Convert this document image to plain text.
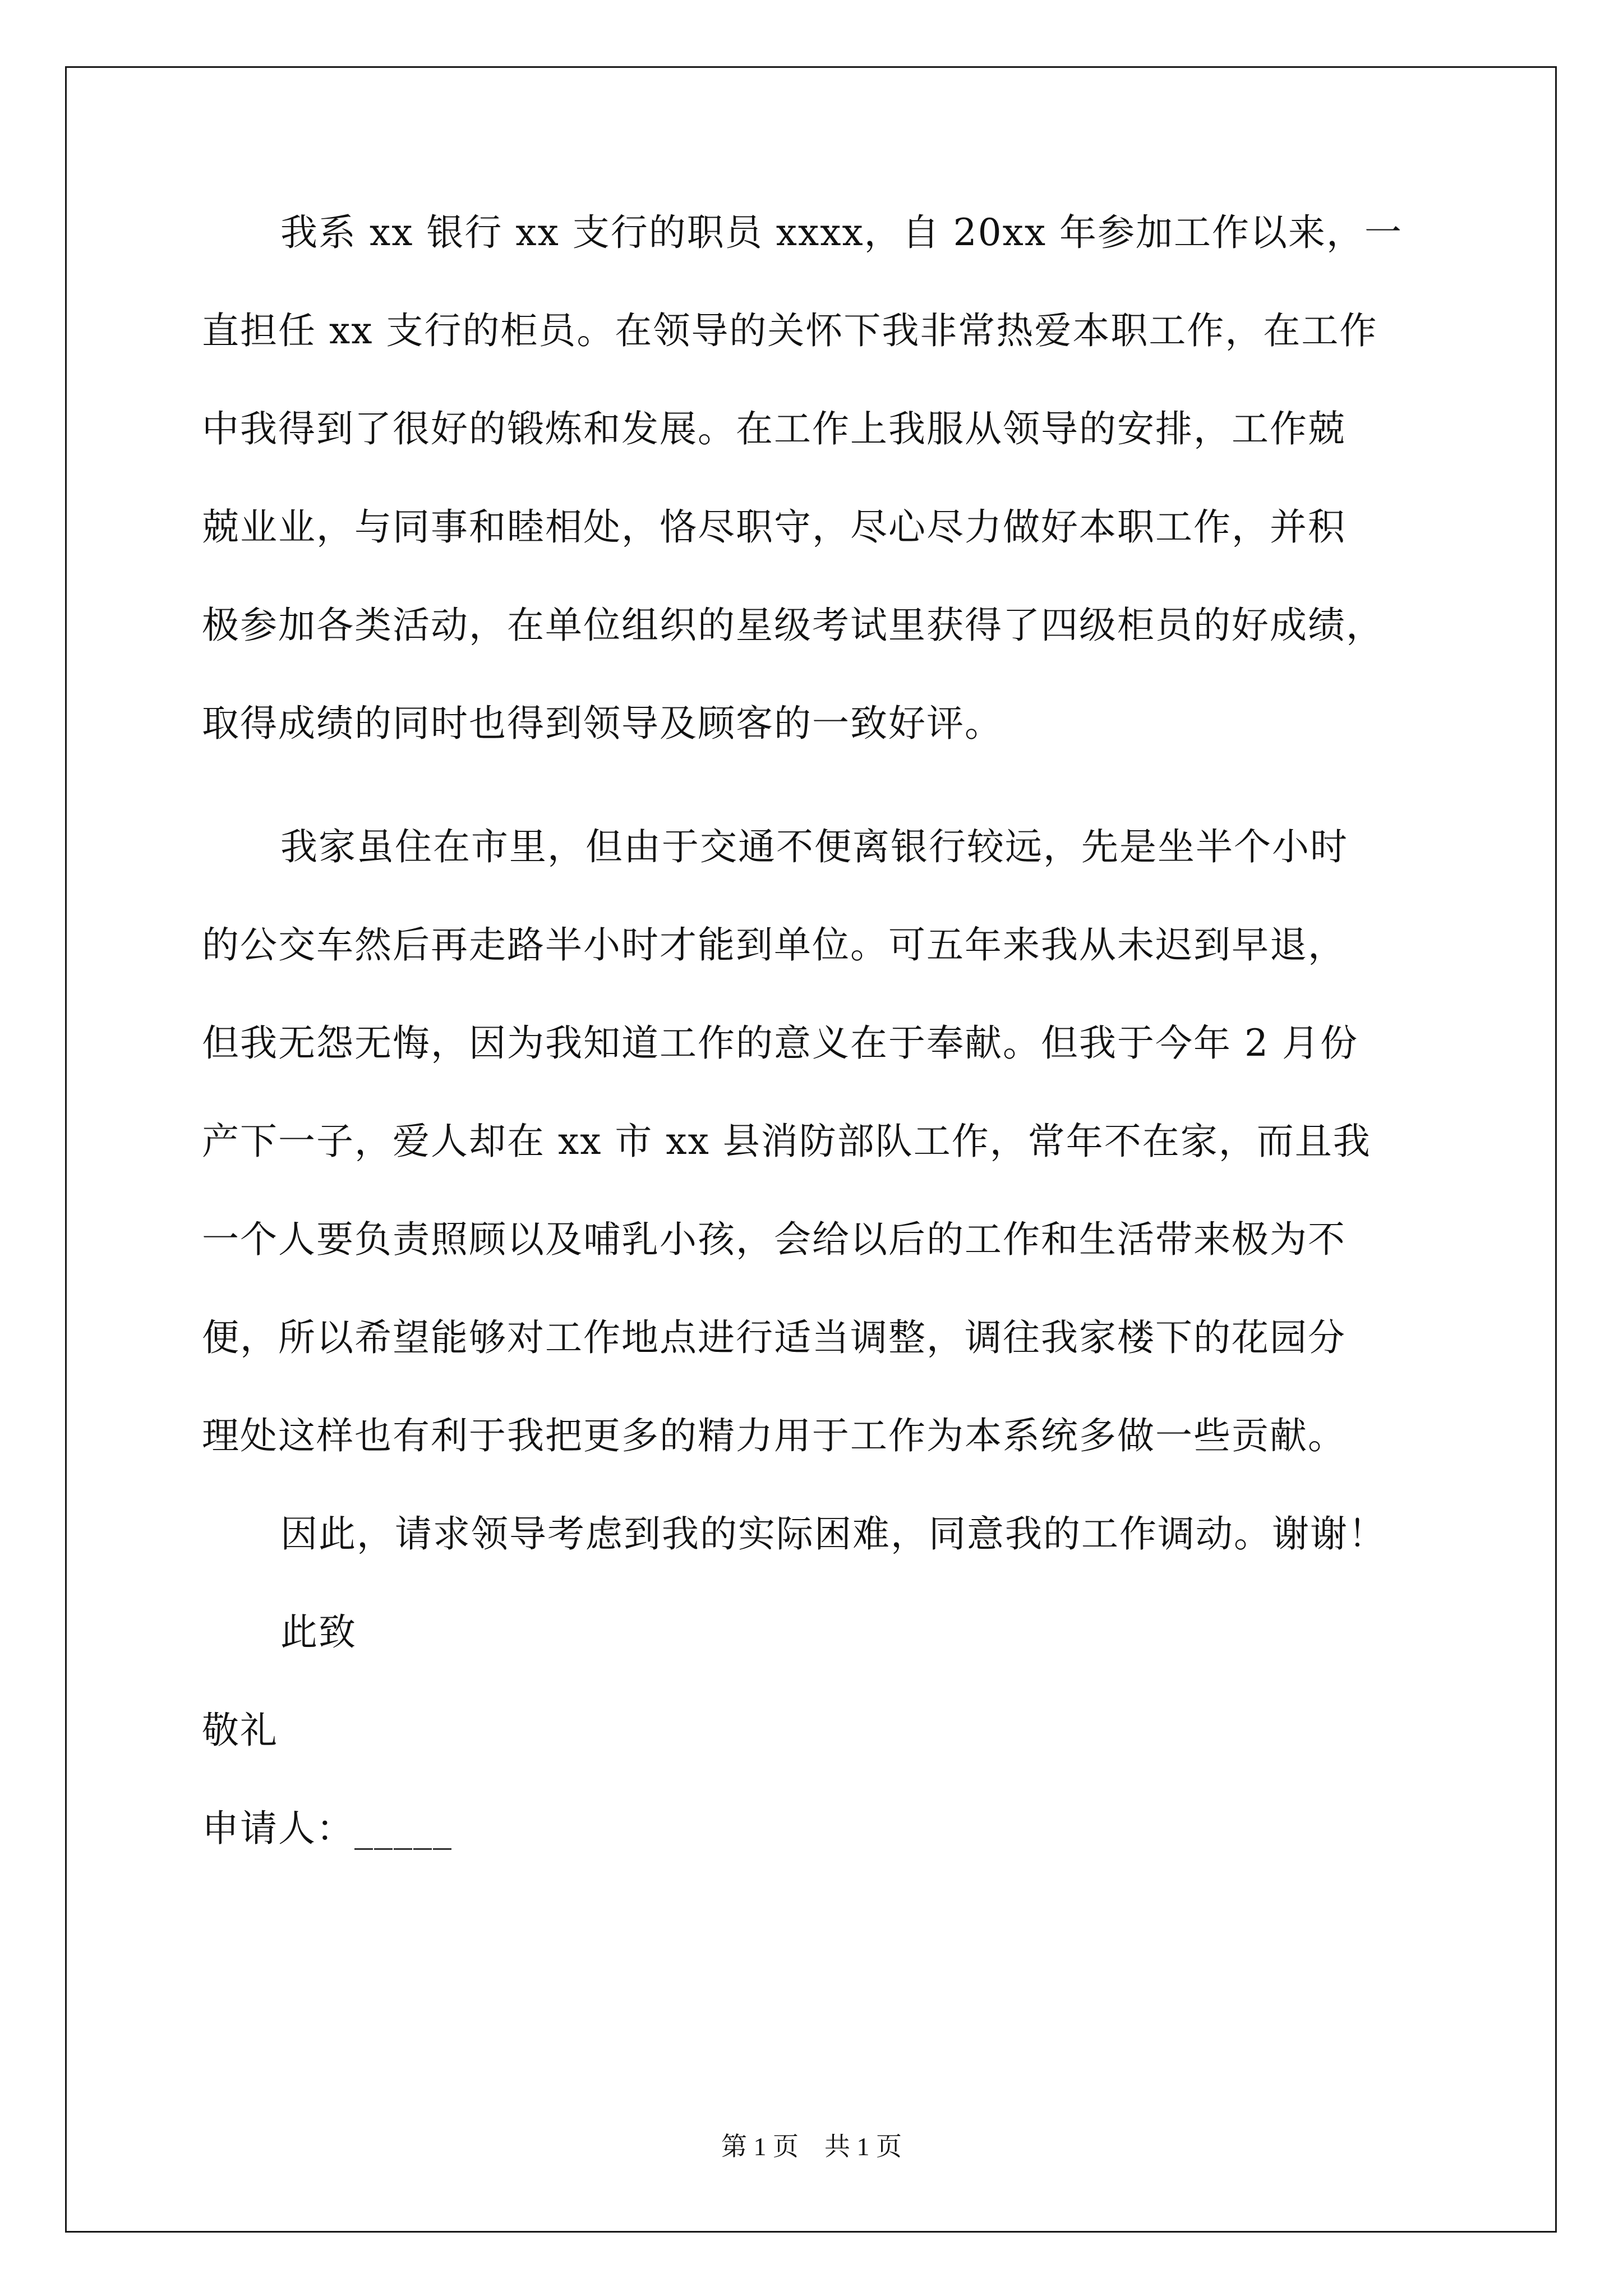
我系 xx 银行 xx 支行的职员 xxxx，自 20xx 年参加工作以来，一
直担任 xx 支行的柜员。在领导的关怀下我非常热爱本职工作，在工作
中我得到了很好的锻炼和发展。在工作上我服从领导的安排，工作兢
兢业业，与同事和睦相处，恪尽职守，尽心尽力做好本职工作，并积
极参加各类活动，在单位组织的星级考试里获得了四级柜员的好成绩，
取得成绩的同时也得到领导及顾客的一致好评。
我家虽住在市里，但由于交通不便离银行较远，先是坐半个小时
的公交车然后再走路半小时才能到单位。可五年来我从未迟到早退，
但我无怨无悔，因为我知道工作的意义在于奉献。但我于今年 2 月份
产下一子，爱人却在 xx 市 xx 县消防部队工作，常年不在家，而且我
一个人要负责照顾以及哺乳小孩，会给以后的工作和生活带来极为不
便，所以希望能够对工作地点进行适当调整，调往我家楼下的花园分
理处这样也有利于我把更多的精力用于工作为本系统多做一些贡献。
因此，请求领导考虑到我的实际困难，同意我的工作调动。谢谢！
此致
敬礼
申请人：_____
第 1 页　共 1 页
